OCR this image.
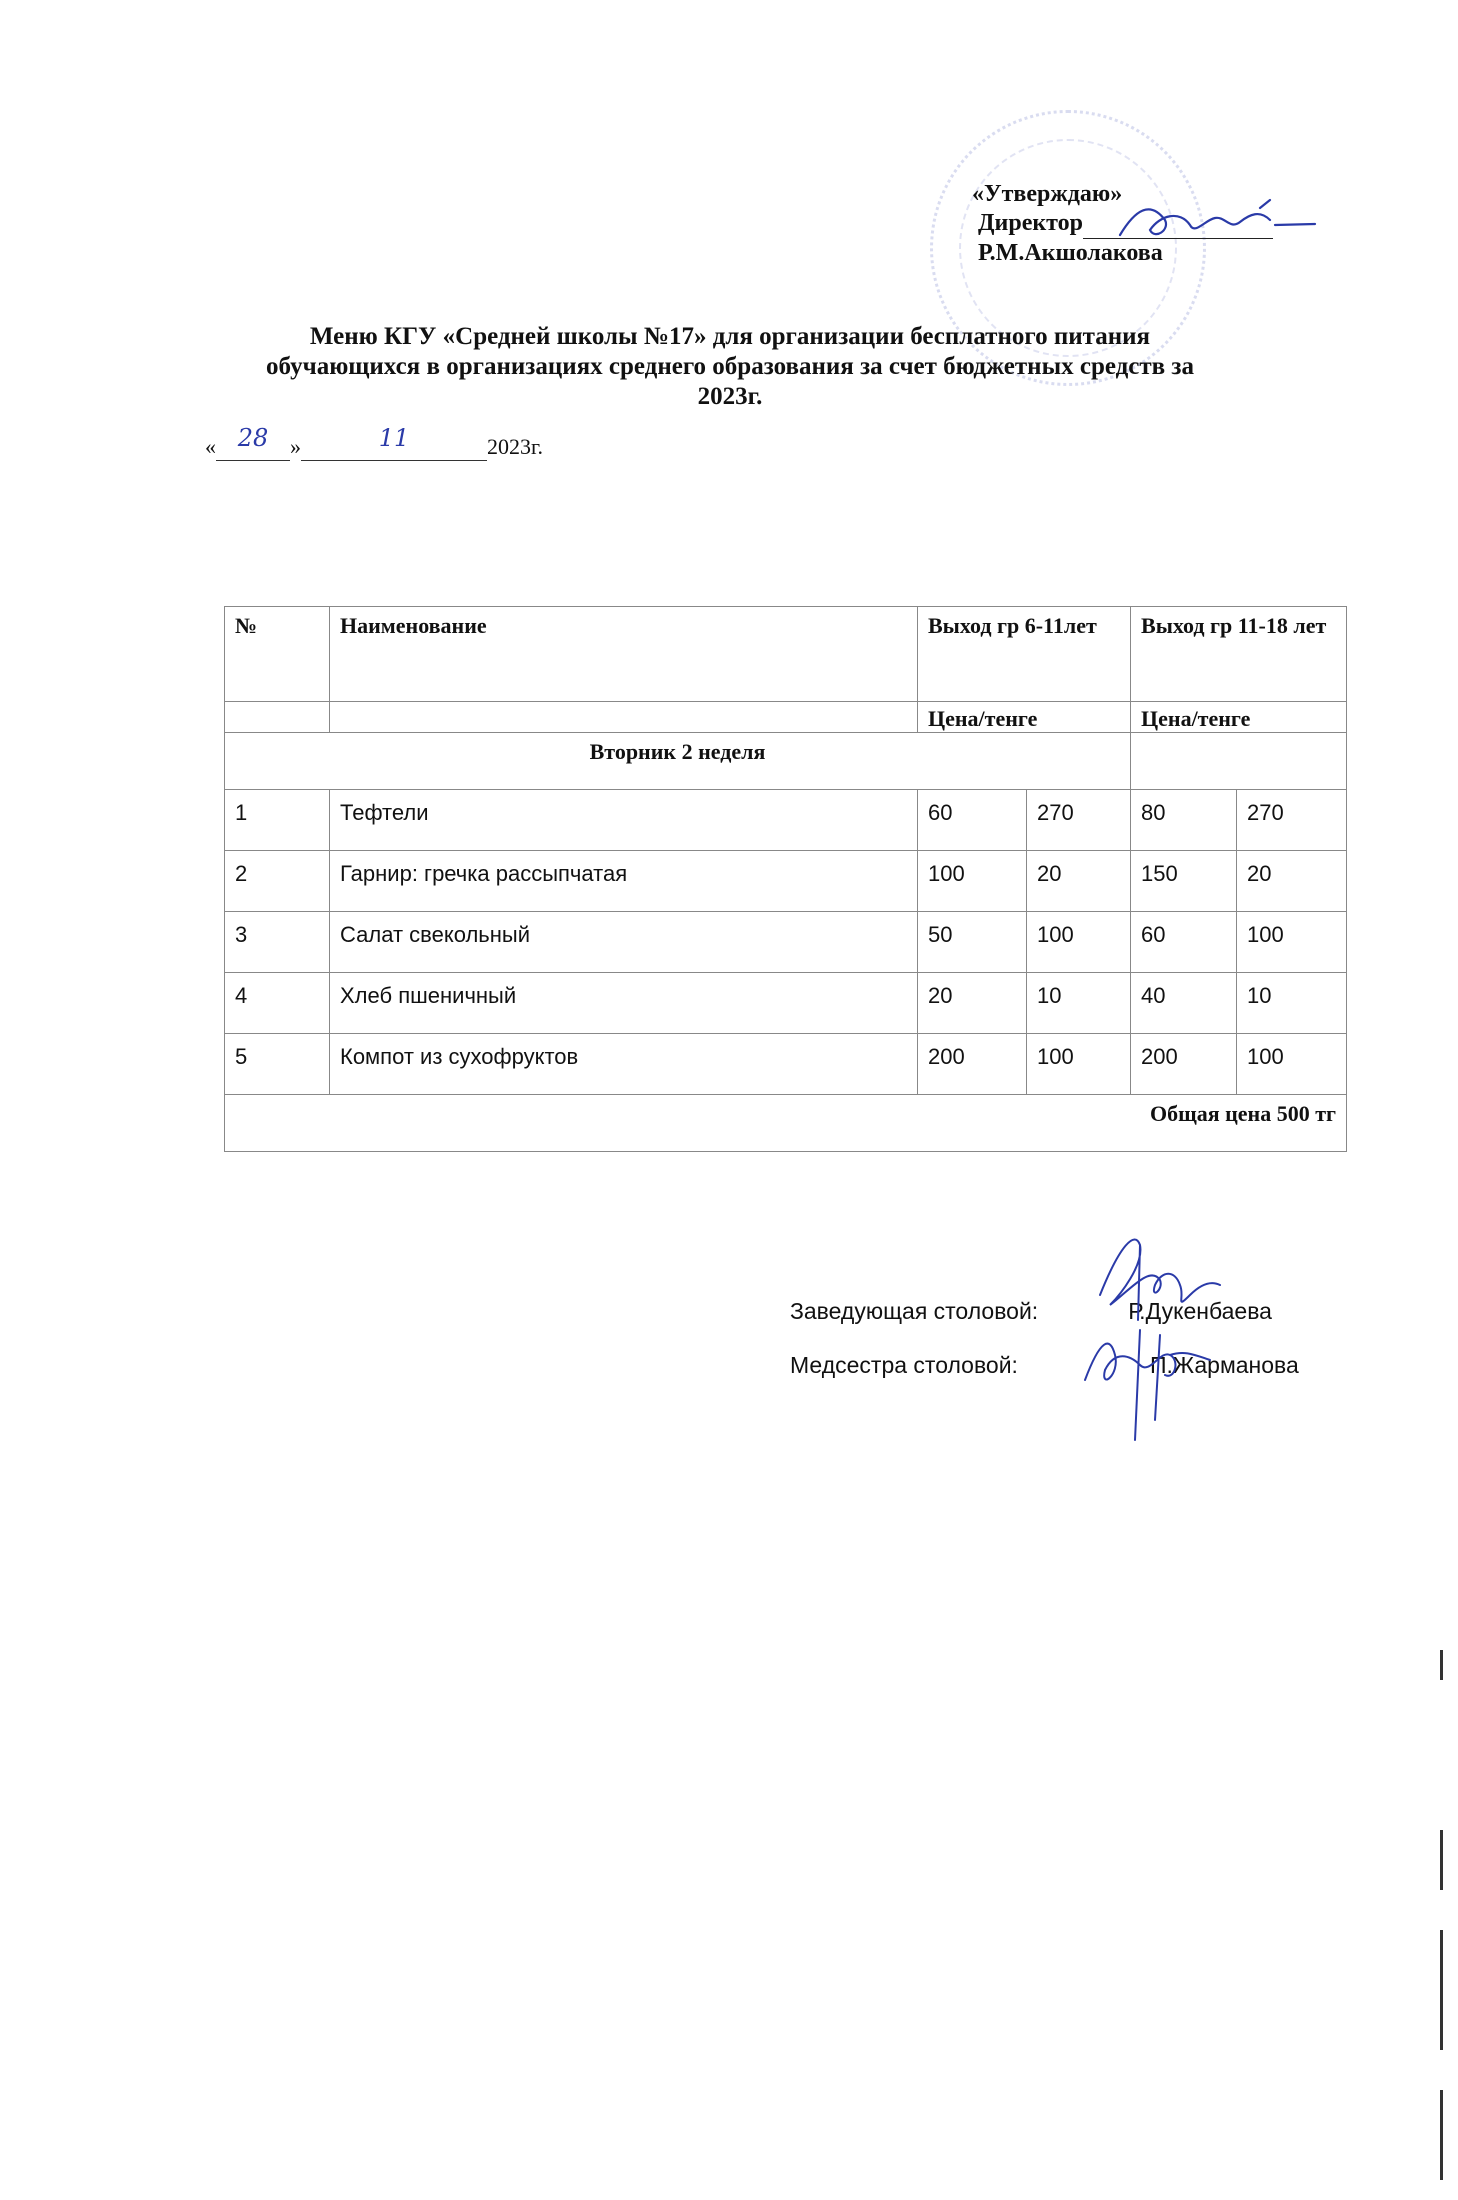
«Утверждаю»
Директор
Р.М.Акшолакова
Меню КГУ «Средней школы №17» для организации бесплатного питания
обучающихся в организациях среднего образования за счет бюджетных средств за
2023г.
« 28 »	11	2023г.
№	Наименование	Выход гр 6-11лет		Выход гр 11-18 лет	
		Цена/тенге		Цена/тенге	
Вторник 2 неделя					
1	Тефтели	60	270	80	270
2	Гарнир: гречка рассыпчатая	100	20	150	20
3	Салат свекольный	50	100	60	100
4	Хлеб пшеничный	20	10	40	10
5	Компот из сухофруктов	200	100	200	100
Общая цена 500 тг					
Заведующая столовой:	Р.Дукенбаева
Медсестра столовой:	П.Жарманова
